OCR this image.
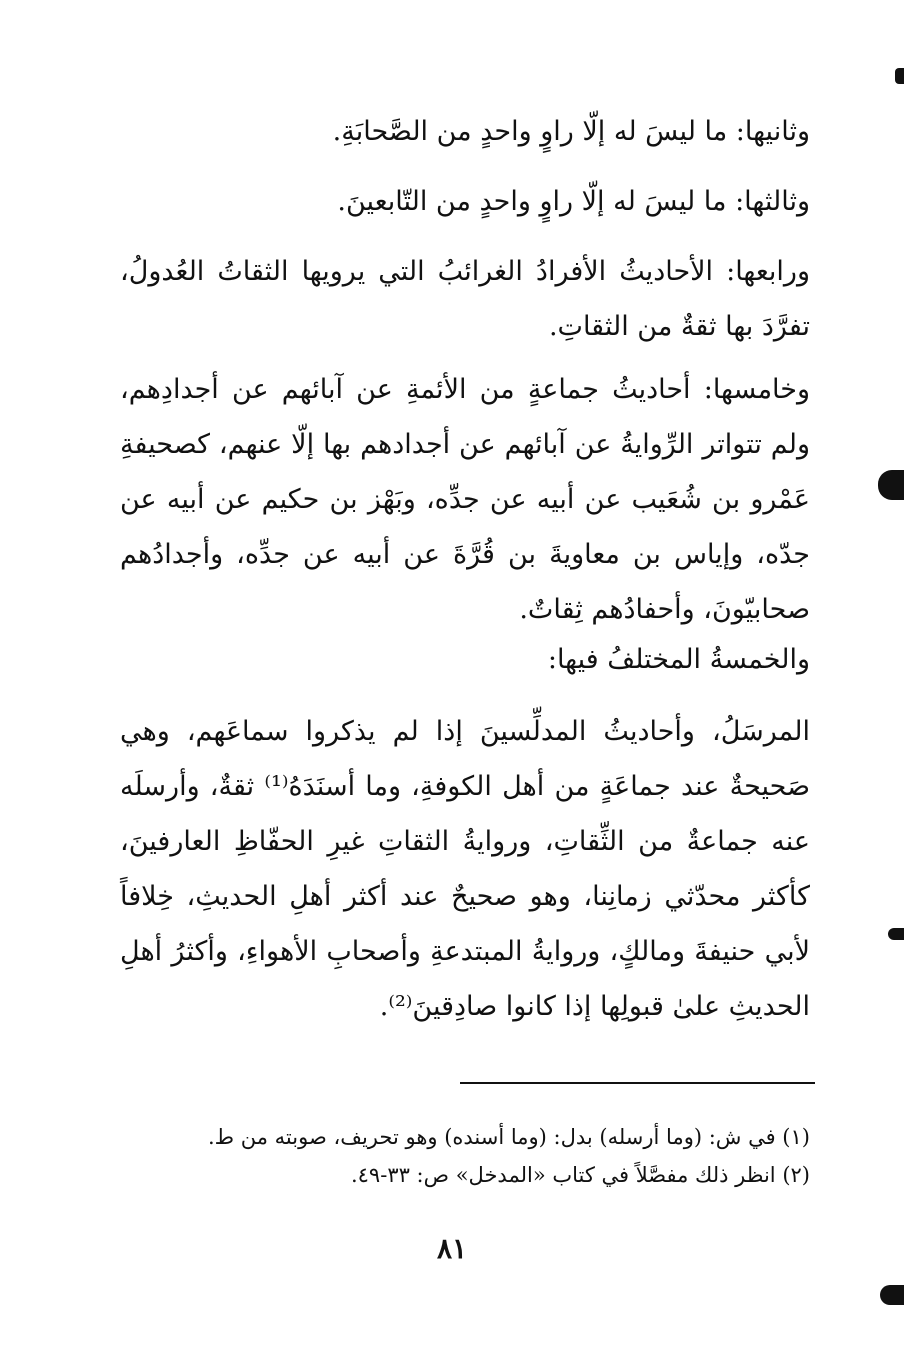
وثانيها: ما ليسَ له إلّا راوٍ واحدٍ من الصَّحابَةِ.

وثالثها: ما ليسَ له إلّا راوٍ واحدٍ من التّابعينَ.

ورابعها: الأحاديثُ الأفرادُ الغرائبُ التي يرويها الثقاتُ العُدولُ، تفرَّدَ بها ثقةٌ من الثقاتِ.

وخامسها: أحاديثُ جماعةٍ من الأئمةِ عن آبائهم عن أجدادِهم، ولم تتواتر الرِّوايةُ عن آبائهم عن أجدادهم بها إلّا عنهم، كصحيفةِ عَمْرو بن شُعَيب عن أبيه عن جدِّه، وبَهْز بن حكيم عن أبيه عن جدّه، وإياس بن معاويةَ بن قُرَّةَ عن أبيه عن جدِّه، وأجدادُهم صحابيّونَ، وأحفادُهم ثِقاتٌ.

والخمسةُ المختلفُ فيها:

المرسَلُ، وأحاديثُ المدلِّسينَ إذا لم يذكروا سماعَهم، وهي صَحيحةٌ عند جماعَةٍ من أهل الكوفةِ، وما أسنَدَهُ⁽¹⁾ ثقةٌ، وأرسلَه عنه جماعةٌ من الثِّقاتِ، وروايةُ الثقاتِ غيرِ الحفّاظِ العارفينَ، كأكثر محدّثي زمانِنا، وهو صحيحٌ عند أكثر أهلِ الحديثِ، خِلافاً لأبي حنيفةَ ومالكٍ، وروايةُ المبتدعةِ وأصحابِ الأهواءِ، وأكثرُ أهلِ الحديثِ علىٰ قبولِها إذا كانوا صادِقينَ⁽²⁾.

(١) في ش: (وما أرسله) بدل: (وما أسنده) وهو تحريف، صوبته من ط.

(٢) انظر ذلك مفصَّلاً في كتاب «المدخل» ص: ٣٣-٤٩.

٨١
